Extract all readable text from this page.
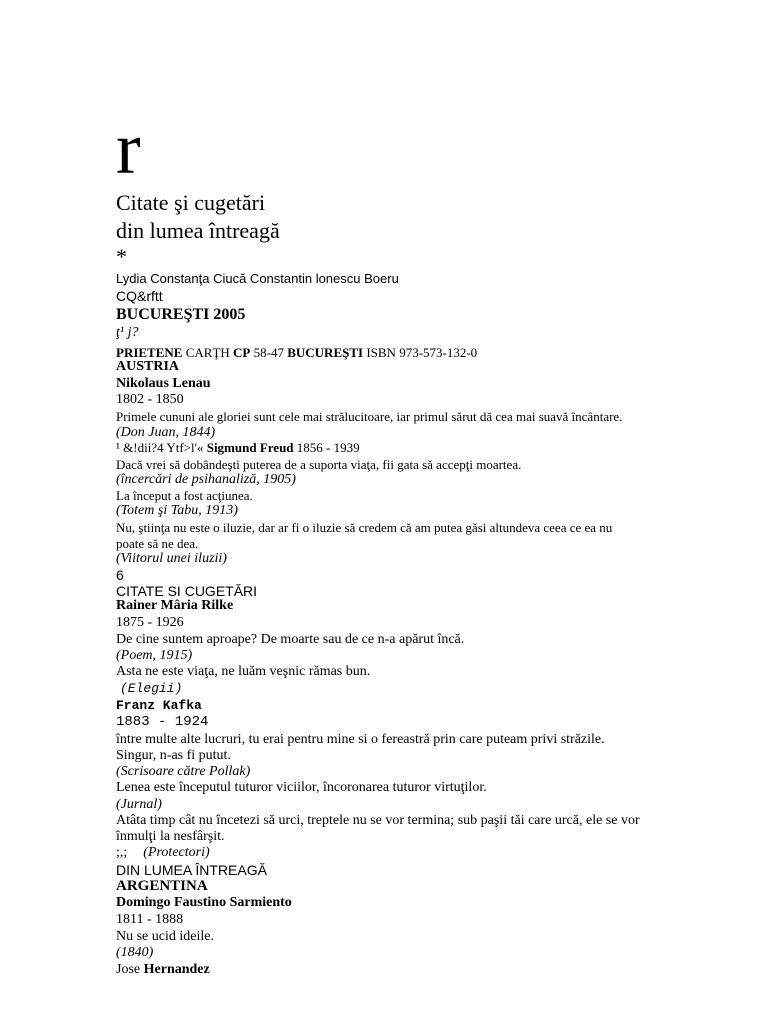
r
Citate şi cugetări
din lumea întreagă
*
Lydia Constanţa Ciucă Constantin lonescu Boeru
CQ&rftt
BUCUREŞTI 2005
ţ¹ j?
PRIETENE CARŢH CP 58-47 BUCUREŞTI ISBN 973-573-132-0
AUSTRIA
Nikolaus Lenau
1802 - 1850
Primele cununi ale gloriei sunt cele mai strălucitoare, iar primul sărut dă cea mai suavă încântare.
(Don Juan, 1844)
¹ &!dii?4 Ytf>l'« Sigmund Freud 1856 - 1939
Dacă vrei să dobândeşti puterea de a suporta viaţa, fii gata să accepţi moartea.
(încercări de psihanaliză, 1905)
La început a fost acţiunea.
(Totem şi Tabu, 1913)
Nu, ştiinţa nu este o iluzie, dar ar fi o iluzie să credem că am putea găsi altundeva ceea ce ea nu
poate să ne dea.
(Viitorul unei iluzii)
6
CITATE SI CUGETĂRI
Rainer Mâria Rilke
1875 - 1926
De cine suntem aproape? De moarte sau de ce n-a apărut încă.
(Poem, 1915)
Asta ne este viaţa, ne luăm veşnic rămas bun.
(Elegii)
Franz Kafka
1883 - 1924
între multe alte lucruri, tu erai pentru mine si o fereastră prin care puteam privi străzile.
Singur, n-as fi putut.
(Scrisoare către Pollak)
Lenea este începutul tuturor viciilor, încoronarea tuturor virtuţilor.
(Jurnal)
Atâta timp cât nu încetezi să urci, treptele nu se vor termina; sub paşii tăi care urcă, ele se vor
înmulţi la nesfârşit.
;,; (Protectori)
DIN LUMEA ÎNTREAGĂ
ARGENTINA
Domingo Faustino Sarmiento
1811 - 1888
Nu se ucid ideile.
(1840)
Jose Hernandez
